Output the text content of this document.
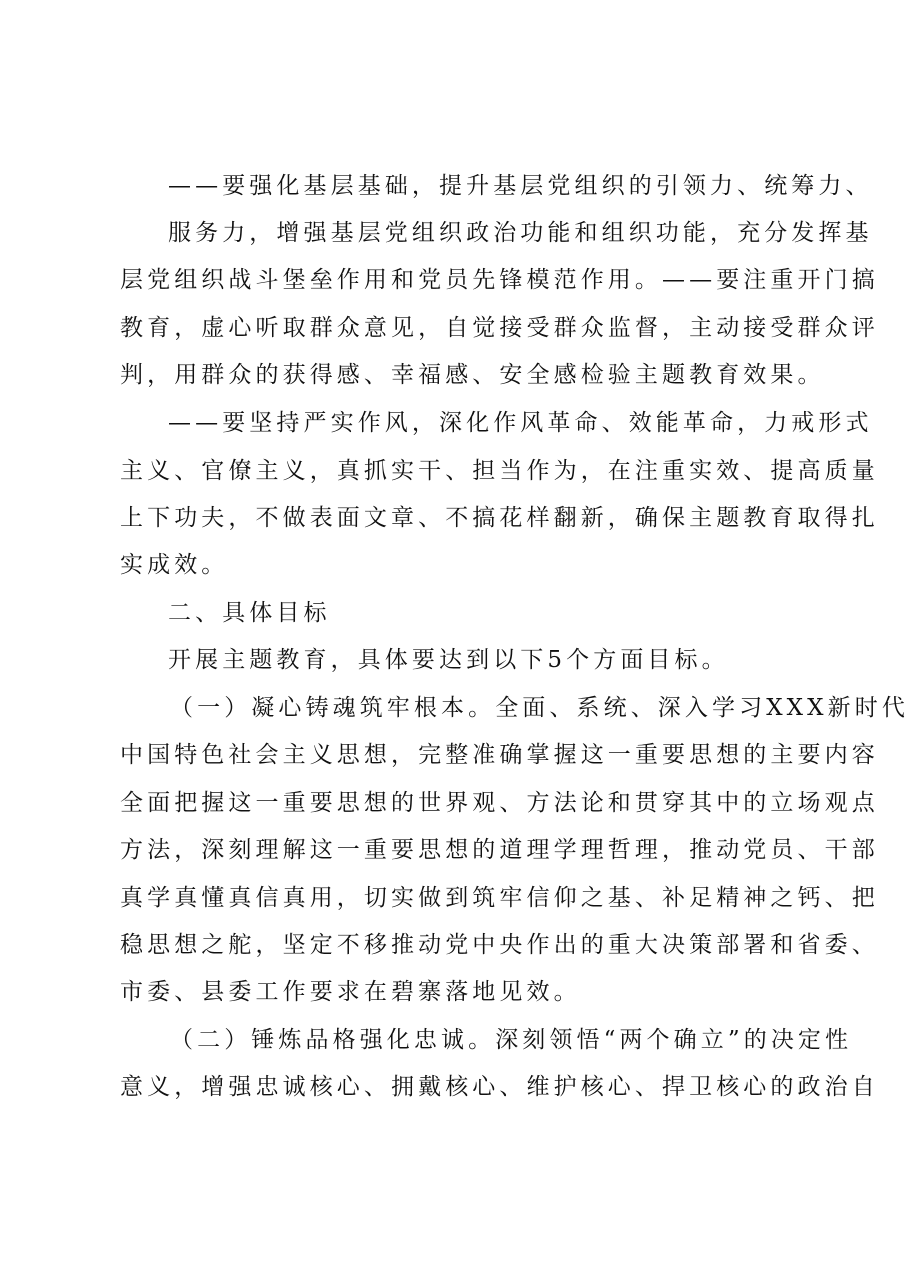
——要强化基层基础，提升基层党组织的引领力、统筹力、
服务力，增强基层党组织政治功能和组织功能，充分发挥基
层党组织战斗堡垒作用和党员先锋模范作用。——要注重开门搞
教育，虚心听取群众意见，自觉接受群众监督，主动接受群众评
判，用群众的获得感、幸福感、安全感检验主题教育效果。
——要坚持严实作风，深化作风革命、效能革命，力戒形式
主义、官僚主义，真抓实干、担当作为，在注重实效、提高质量
上下功夫，不做表面文章、不搞花样翻新，确保主题教育取得扎
实成效。
二、具体目标
开展主题教育，具体要达到以下5个方面目标。
（一）凝心铸魂筑牢根本。全面、系统、深入学习XXX新时代
中国特色社会主义思想，完整准确掌握这一重要思想的主要内容
全面把握这一重要思想的世界观、方法论和贯穿其中的立场观点
方法，深刻理解这一重要思想的道理学理哲理，推动党员、干部
真学真懂真信真用，切实做到筑牢信仰之基、补足精神之钙、把
稳思想之舵，坚定不移推动党中央作出的重大决策部署和省委、
市委、县委工作要求在碧寨落地见效。
（二）锤炼品格强化忠诚。深刻领悟“两个确立”的决定性
意义，增强忠诚核心、拥戴核心、维护核心、捍卫核心的政治自
